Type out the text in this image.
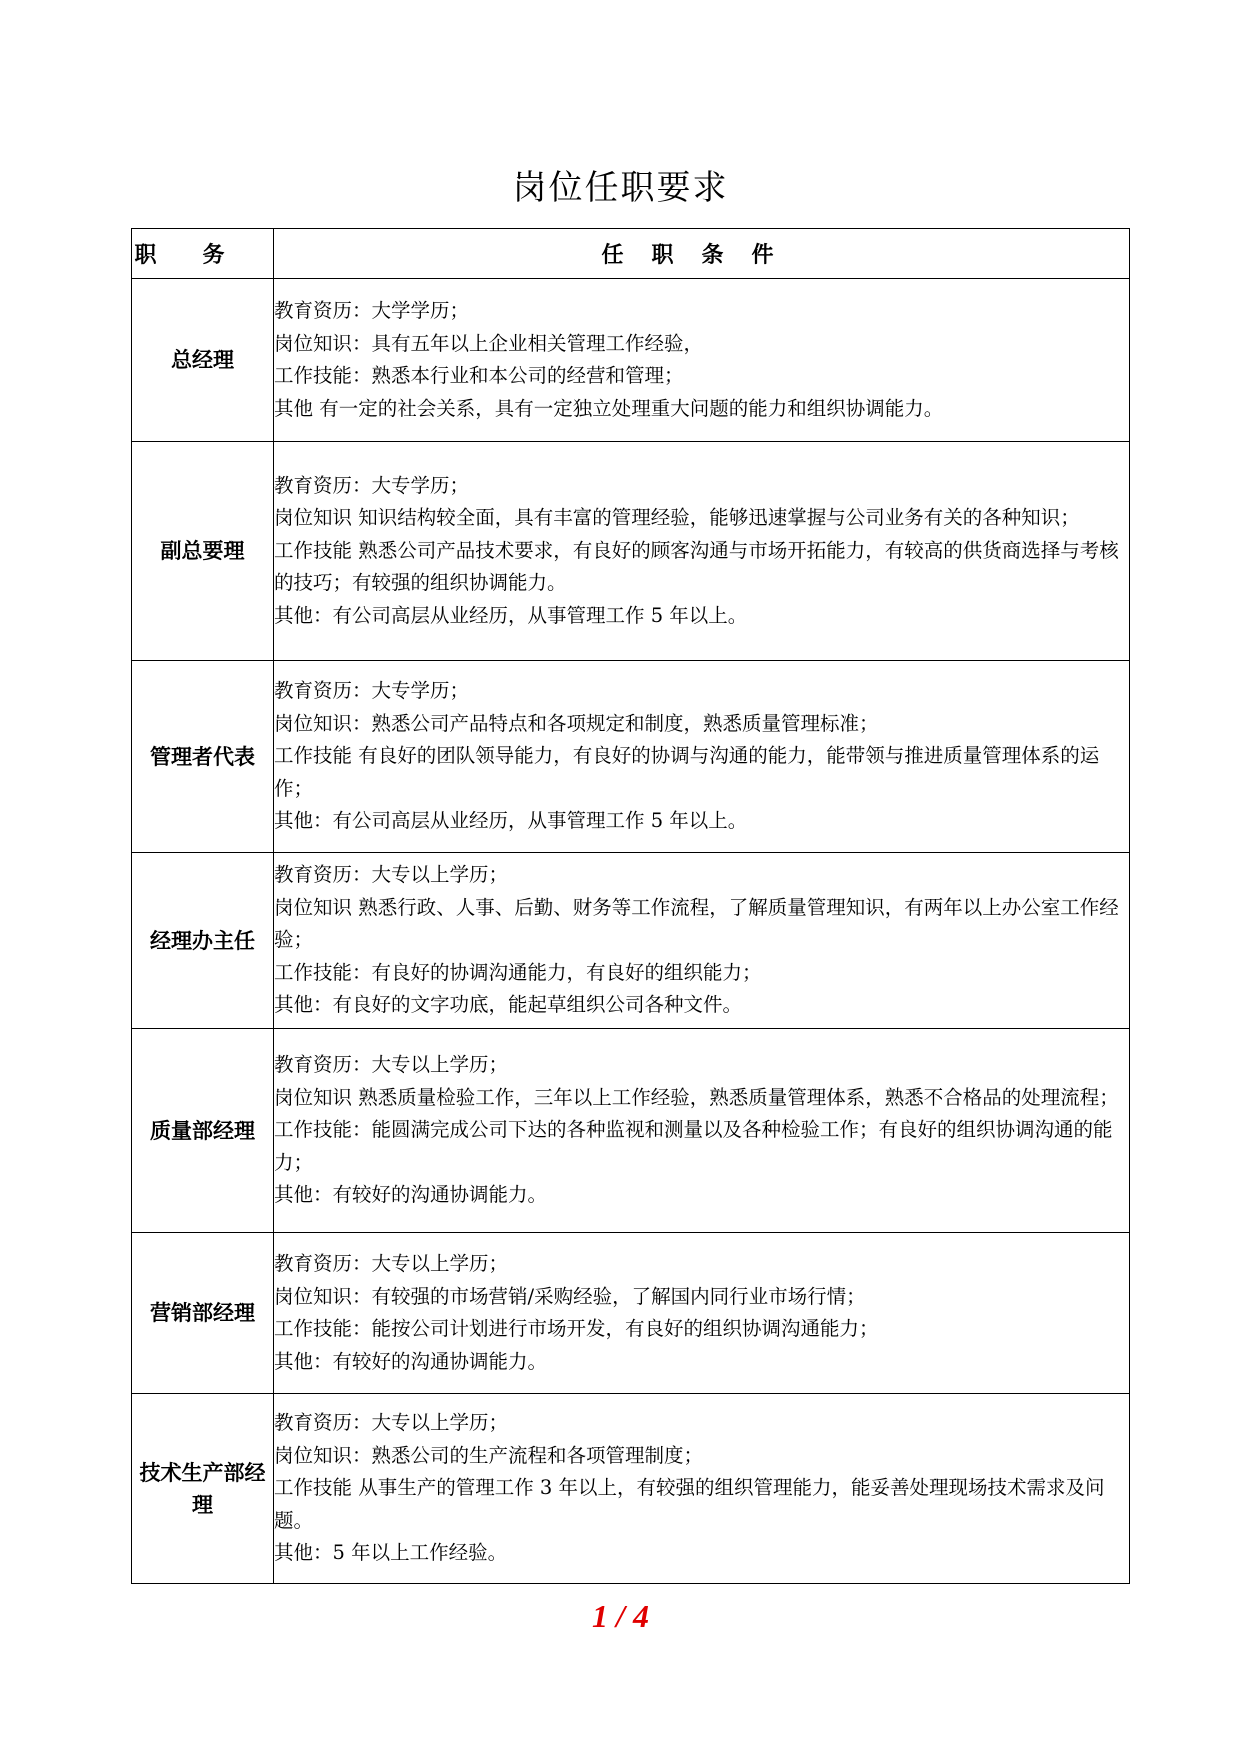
岗位任职要求
职务	任职条件
总经理	教育资历：大学学历；
岗位知识：具有五年以上企业相关管理工作经验，
工作技能：熟悉本行业和本公司的经营和管理；
其他 有一定的社会关系，具有一定独立处理重大问题的能力和组织协调能力。

副总要理	教育资历：大专学历；
岗位知识 知识结构较全面，具有丰富的管理经验，能够迅速掌握与公司业务有关的各种知识；
工作技能 熟悉公司产品技术要求，有良好的顾客沟通与市场开拓能力，有较高的供货商选择与考核的技巧；有较强的组织协调能力。
其他：有公司高层从业经历，从事管理工作 5 年以上。

管理者代表	教育资历：大专学历；
岗位知识：熟悉公司产品特点和各项规定和制度，熟悉质量管理标准；
工作技能 有良好的团队领导能力，有良好的协调与沟通的能力，能带领与推进质量管理体系的运作；
其他：有公司高层从业经历，从事管理工作 5 年以上。

经理办主任	教育资历：大专以上学历；
岗位知识 熟悉行政、人事、后勤、财务等工作流程，了解质量管理知识，有两年以上办公室工作经验；
工作技能：有良好的协调沟通能力，有良好的组织能力；
其他：有良好的文字功底，能起草组织公司各种文件。

质量部经理	教育资历：大专以上学历；
岗位知识 熟悉质量检验工作，三年以上工作经验，熟悉质量管理体系，熟悉不合格品的处理流程；
工作技能：能圆满完成公司下达的各种监视和测量以及各种检验工作；有良好的组织协调沟通的能力；
其他：有较好的沟通协调能力。

营销部经理	教育资历：大专以上学历；
岗位知识：有较强的市场营销/采购经验，了解国内同行业市场行情；
工作技能：能按公司计划进行市场开发，有良好的组织协调沟通能力；
其他：有较好的沟通协调能力。

技术生产部经理	教育资历：大专以上学历；
岗位知识：熟悉公司的生产流程和各项管理制度；
工作技能 从事生产的管理工作 3 年以上，有较强的组织管理能力，能妥善处理现场技术需求及问题。
其他：5 年以上工作经验。
1 / 4
